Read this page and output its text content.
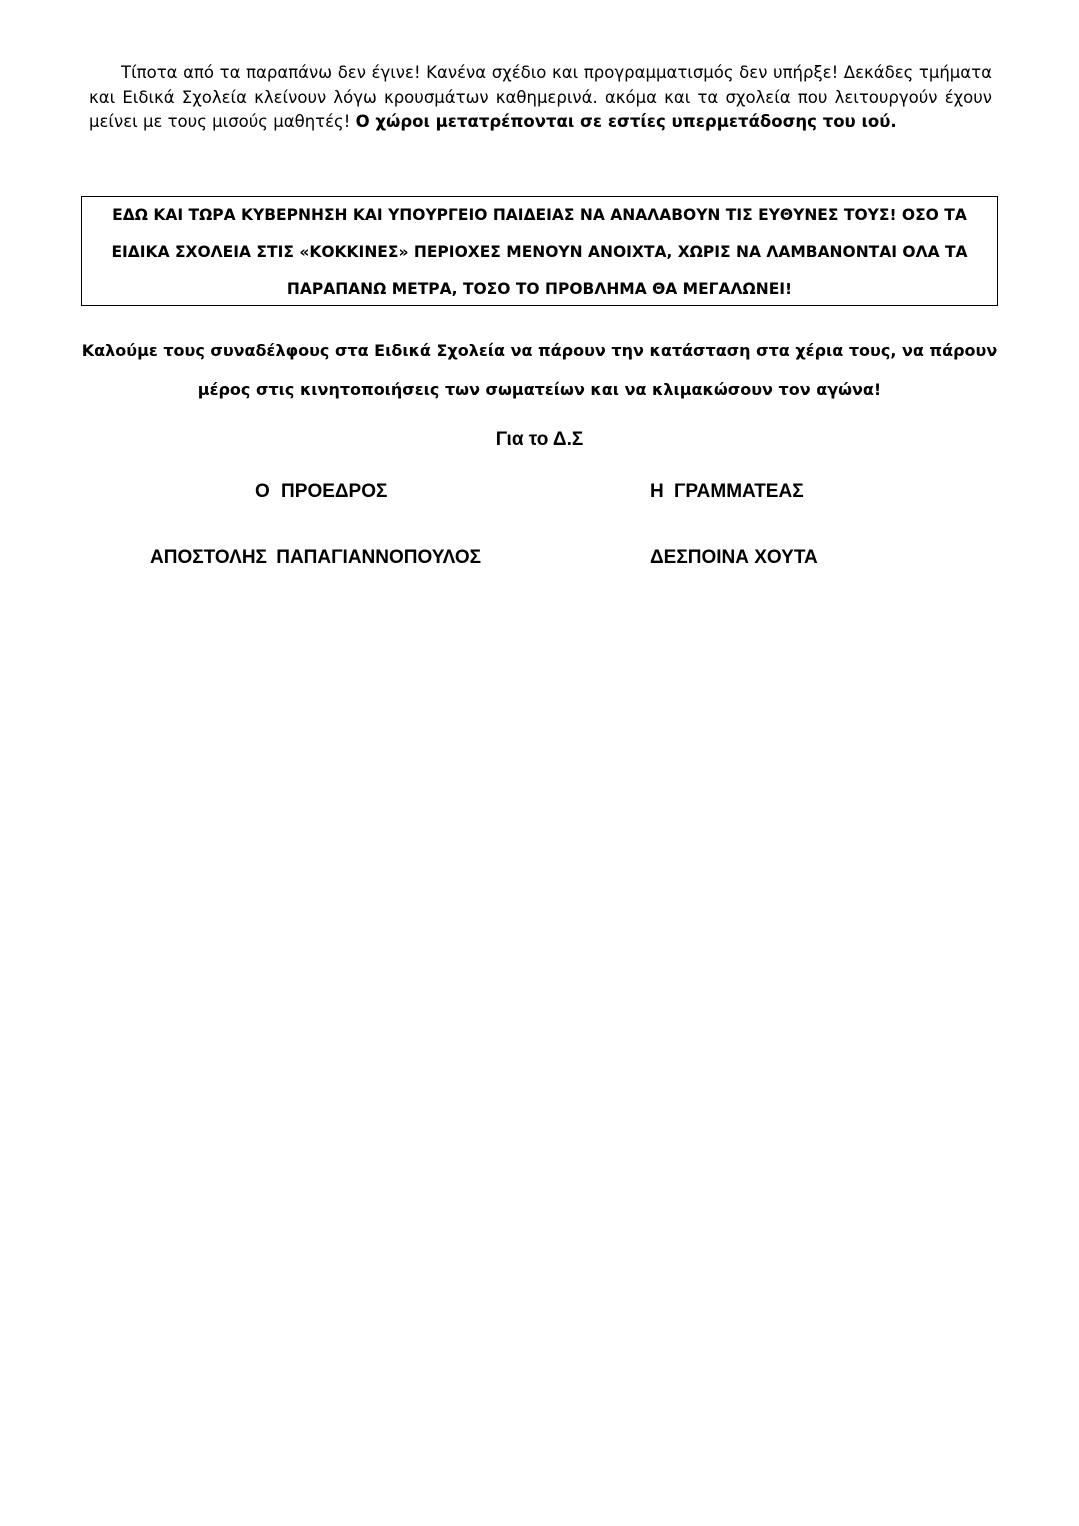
Τίποτα από τα παραπάνω δεν έγινε! Κανένα σχέδιο και προγραμματισμός δεν υπήρξε! Δεκάδες τμήματα και Ειδικά Σχολεία κλείνουν λόγω κρουσμάτων καθημερινά. ακόμα και τα σχολεία που λειτουργούν έχουν μείνει με τους μισούς μαθητές! Ο χώροι μετατρέπονται σε εστίες υπερμετάδοσης του ιού.

ΕΔΩ ΚΑΙ ΤΩΡΑ ΚΥΒΕΡΝΗΣΗ ΚΑΙ ΥΠΟΥΡΓΕΙΟ ΠΑΙΔΕΙΑΣ ΝΑ ΑΝΑΛΑΒΟΥΝ ΤΙΣ ΕΥΘΥΝΕΣ ΤΟΥΣ! ΟΣΟ ΤΑ ΕΙΔΙΚΑ ΣΧΟΛΕΙΑ ΣΤΙΣ «ΚΟΚΚΙΝΕΣ» ΠΕΡΙΟΧΕΣ ΜΕΝΟΥΝ ΑΝΟΙΧΤΑ, ΧΩΡΙΣ ΝΑ ΛΑΜΒΑΝΟΝΤΑΙ ΟΛΑ ΤΑ ΠΑΡΑΠΑΝΩ ΜΕΤΡΑ, ΤΟΣΟ ΤΟ ΠΡΟΒΛΗΜΑ ΘΑ ΜΕΓΑΛΩΝΕΙ!

Καλούμε τους συναδέλφους στα Ειδικά Σχολεία να πάρουν την κατάσταση στα χέρια τους, να πάρουν μέρος στις κινητοποιήσεις των σωματείων και να κλιμακώσουν τον αγώνα!

Για το Δ.Σ
Ο ΠΡΟΕΔΡΟΣ	Η ΓΡΑΜΜΑΤΕΑΣ
ΑΠΟΣΤΟΛΗΣ ΠΑΠΑΓΙΑΝΝΟΠΟΥΛΟΣ	ΔΕΣΠΟΙΝΑ ΧΟΥΤΑ
